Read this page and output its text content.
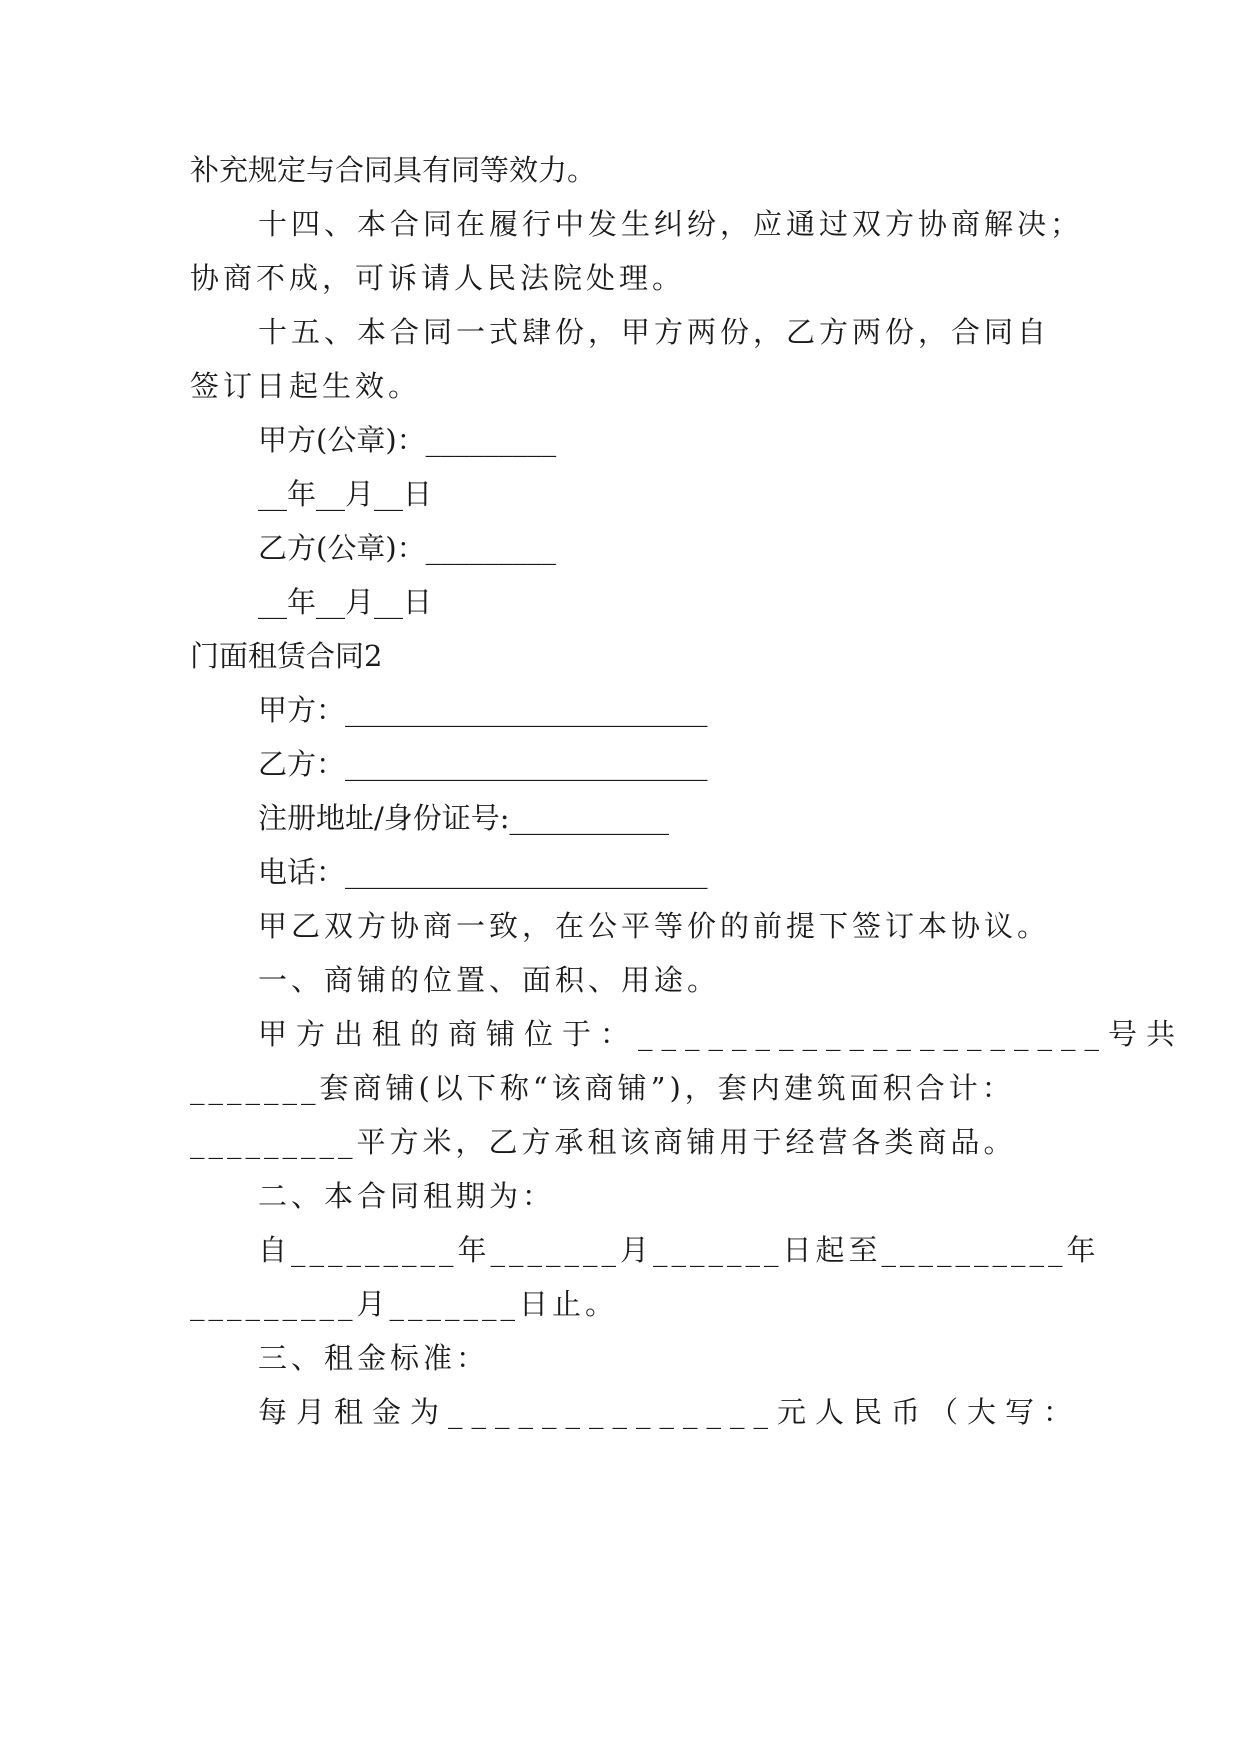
补充规定与合同具有同等效力。
十四、本合同在履行中发生纠纷，应通过双方协商解决；
协商不成，可诉请人民法院处理。
十五、本合同一式肆份，甲方两份，乙方两份，合同自
签订日起生效。
甲方(公章)：_________
__年__月__日
乙方(公章)：_________
__年__月__日
门面租赁合同2
甲方：_________________________
乙方：_________________________
注册地址/身份证号:___________
电话：_________________________
甲乙双方协商一致，在公平等价的前提下签订本协议。
一、商铺的位置、面积、用途。
甲方出租的商铺位于：____________________号共
_______套商铺(以下称“该商铺”)，套内建筑面积合计：
_________平方米，乙方承租该商铺用于经营各类商品。
二、本合同租期为：
自_________年_______月_______日起至__________年
_________月_______日止。
三、租金标准：
每月租金为______________元人民币（大写：
